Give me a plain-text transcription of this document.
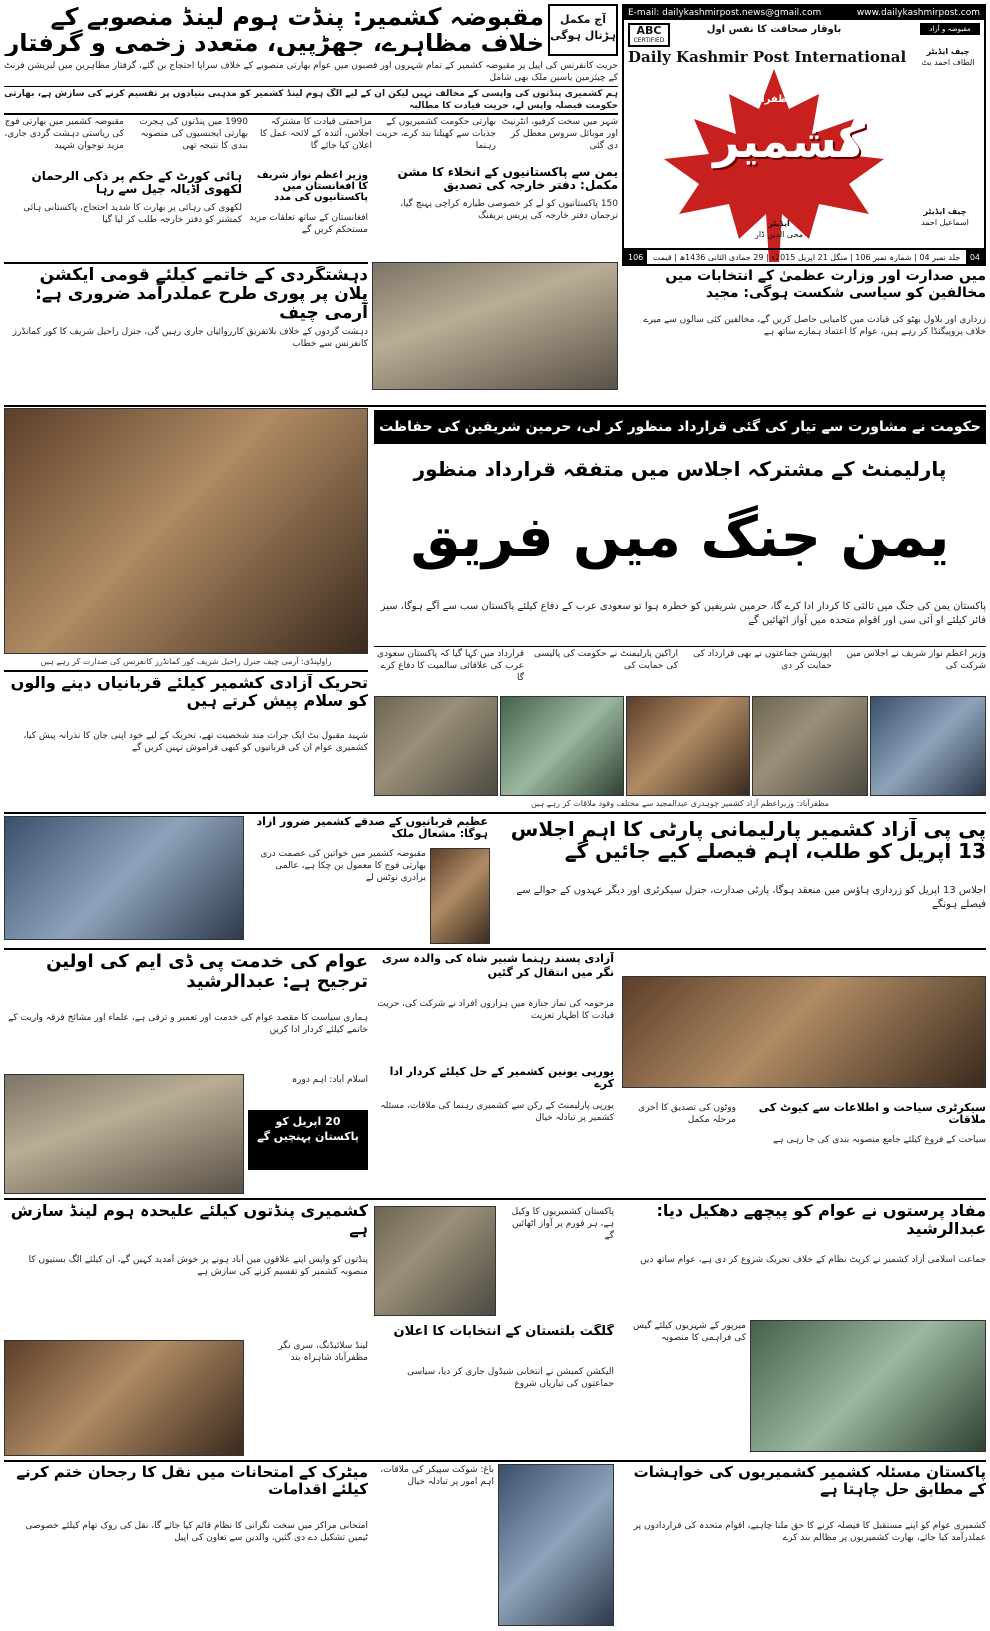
E-mail: dailykashmirpost.news@gmail.com	www.dailykashmirpost.com
ABC
CERTIFIED
مقبوضہ و آزاد
باوقار صحافت کا نفس اول
Daily Kashmir Post International
کشمیر روزنامہ
مظفرآباد
چیف ایڈیٹر
الطاف احمد بٹ
ایڈیٹر
محی الدین ڈار
چیف ایڈیٹر
اسماعیل احمد
106	04
جلد نمبر 04 | شمارہ نمبر 106 | منگل 21 اپریل 2015ء | 29 جمادی الثانی 1436ھ | قیمت
مقبوضہ کشمیر: پنڈت ہوم لینڈ منصوبے کے خلاف مظاہرے، جھڑپیں، متعدد زخمی و گرفتار
آج مکمل ہڑتال ہوگی
حریت کانفرنس کی اپیل پر مقبوضہ کشمیر کے تمام شہروں اور قصبوں میں عوام بھارتی منصوبے کے خلاف سراپا احتجاج بن گئے، گرفتار مظاہرین میں لبریشن فرنٹ کے چیئرمین یاسین ملک بھی شامل
ہم کشمیری پنڈتوں کی واپسی کے مخالف نہیں لیکن ان کے لیے الگ ہوم لینڈ کشمیر کو مذہبی بنیادوں پر تقسیم کرنے کی سازش ہے، بھارتی حکومت فیصلہ واپس لے، حریت قیادت کا مطالبہ
مقبوضہ کشمیر میں بھارتی فوج کی ریاستی دہشت گردی جاری، مزید نوجوان شہید
1990 میں پنڈتوں کی ہجرت بھارتی ایجنسیوں کی منصوبہ بندی کا نتیجہ تھی
مزاحمتی قیادت کا مشترکہ اجلاس، آئندہ کے لائحہ عمل کا اعلان کیا جائے گا
بھارتی حکومت کشمیریوں کے جذبات سے کھیلنا بند کرے، حریت رہنما
شہر میں سخت کرفیو، انٹرنیٹ اور موبائل سروس معطل کر دی گئی
یمن سے پاکستانیوں کے انخلاء کا مشن مکمل: دفتر خارجہ کی تصدیق
150 پاکستانیوں کو لے کر خصوصی طیارہ کراچی پہنچ گیا، ترجمان دفتر خارجہ کی پریس بریفنگ
ہائی کورٹ کے حکم پر ذکی الرحمان لکھوی اڈیالہ جیل سے رہا
لکھوی کی رہائی پر بھارت کا شدید احتجاج، پاکستانی ہائی کمشنر کو دفتر خارجہ طلب کر لیا گیا
وزیر اعظم نواز شریف کا افغانستان میں پاکستانیوں کی مدد
افغانستان کے ساتھ تعلقات مزید مستحکم کریں گے
دہشتگردی کے خاتمے کیلئے قومی ایکشن پلان پر پوری طرح عملدرآمد ضروری ہے: آرمی چیف
دہشت گردوں کے خلاف بلاتفریق کارروائیاں جاری رہیں گی، جنرل راحیل شریف کا کور کمانڈرز کانفرنس سے خطاب
میں صدارت اور وزارت عظمیٰ کے انتخابات میں مخالفین کو سیاسی شکست ہوگی: مجید
زرداری اور بلاول بھٹو کی قیادت میں کامیابی حاصل کریں گے، مخالفین کئی سالوں سے میرے خلاف پروپیگنڈا کر رہے ہیں، عوام کا اعتماد ہمارے ساتھ ہے
راولپنڈی: آرمی چیف جنرل راحیل شریف کور کمانڈرز کانفرنس کی صدارت کر رہے ہیں
حکومت نے مشاورت سے تیار کی گئی قرارداد منظور کر لی، حرمین شریفین کی حفاظت
پارلیمنٹ کے مشترکہ اجلاس میں متفقہ قرارداد منظور
یمن جنگ میں فریق
پاکستان یمن کی جنگ میں ثالثی کا کردار ادا کرے گا، حرمین شریفین کو خطرہ ہوا تو سعودی عرب کے دفاع کیلئے پاکستان سب سے آگے ہوگا، سیز فائر کیلئے او آئی سی اور اقوام متحدہ میں آواز اٹھائیں گے
قرارداد میں کہا گیا کہ پاکستان سعودی عرب کی علاقائی سالمیت کا دفاع کرے گا
اراکین پارلیمنٹ نے حکومت کی پالیسی کی حمایت کی
اپوزیشن جماعتوں نے بھی قرارداد کی حمایت کر دی
وزیر اعظم نواز شریف نے اجلاس میں شرکت کی
تحریک آزادی کشمیر کیلئے قربانیاں دینے والوں کو سلام پیش کرتے ہیں
شہید مقبول بٹ ایک جرات مند شخصیت تھے، تحریک کے لیے خود اپنی جان کا نذرانہ پیش کیا، کشمیری عوام ان کی قربانیوں کو کبھی فراموش نہیں کریں گے
مظفرآباد: وزیراعظم آزاد کشمیر چوہدری عبدالمجید سے مختلف وفود ملاقات کر رہے ہیں
عظیم قربانیوں کے صدقے کشمیر ضرور آزاد ہوگا: مشعال ملک
مقبوضہ کشمیر میں خواتین کی عصمت دری بھارتی فوج کا معمول بن چکا ہے، عالمی برادری نوٹس لے
پی پی آزاد کشمیر پارلیمانی پارٹی کا اہم اجلاس 13 اپریل کو طلب، اہم فیصلے کیے جائیں گے
اجلاس 13 اپریل کو زرداری ہاؤس میں منعقد ہوگا، پارٹی صدارت، جنرل سیکرٹری اور دیگر عہدوں کے حوالے سے فیصلے ہونگے
عوام کی خدمت پی ڈی ایم کی اولین ترجیح ہے: عبدالرشید
ہماری سیاست کا مقصد عوام کی خدمت اور تعمیر و ترقی ہے، علماء اور مشائخ فرقہ واریت کے خاتمے کیلئے کردار ادا کریں
20 اپریل کو پاکستان پہنچیں گے
اسلام آباد: اہم دورہ
آزادی پسند رہنما شبیر شاہ کی والدہ سری نگر میں انتقال کر گئیں
مرحومہ کی نماز جنازہ میں ہزاروں افراد نے شرکت کی، حریت قیادت کا اظہار تعزیت
یورپی یونین کشمیر کے حل کیلئے کردار ادا کرے
یورپی پارلیمنٹ کے رکن سے کشمیری رہنما کی ملاقات، مسئلہ کشمیر پر تبادلہ خیال
سیکرٹری سیاحت و اطلاعات سے کیوٹ کی ملاقات
سیاحت کے فروغ کیلئے جامع منصوبہ بندی کی جا رہی ہے
ووٹوں کی تصدیق کا آخری مرحلہ مکمل
کشمیری پنڈتوں کیلئے علیحدہ ہوم لینڈ سازش ہے
پنڈتوں کو واپس اپنے علاقوں میں آباد ہونے پر خوش آمدید کہیں گے، ان کیلئے الگ بستیوں کا منصوبہ کشمیر کو تقسیم کرنے کی سازش ہے
لینڈ سلائیڈنگ، سری نگر مظفرآباد شاہراہ بند
پاکستان کشمیریوں کا وکیل ہے، ہر فورم پر آواز اٹھائیں گے
گلگت بلتستان کے انتخابات کا اعلان
الیکشن کمیشن نے انتخابی شیڈول جاری کر دیا، سیاسی جماعتوں کی تیاریاں شروع
مفاد پرستوں نے عوام کو پیچھے دھکیل دیا: عبدالرشید
جماعت اسلامی آزاد کشمیر نے کرپٹ نظام کے خلاف تحریک شروع کر دی ہے، عوام ساتھ دیں
میرپور کے شہریوں کیلئے گیس کی فراہمی کا منصوبہ
میٹرک کے امتحانات میں نقل کا رجحان ختم کرنے کیلئے اقدامات
امتحانی مراکز میں سخت نگرانی کا نظام قائم کیا جائے گا، نقل کی روک تھام کیلئے خصوصی ٹیمیں تشکیل دے دی گئیں، والدین سے تعاون کی اپیل
باغ: شوکت سپیکر کی ملاقات، اہم امور پر تبادلہ خیال
پاکستان مسئلہ کشمیر کشمیریوں کی خواہشات کے مطابق حل چاہتا ہے
کشمیری عوام کو اپنے مستقبل کا فیصلہ کرنے کا حق ملنا چاہیے، اقوام متحدہ کی قراردادوں پر عملدرآمد کیا جائے، بھارت کشمیریوں پر مظالم بند کرے
